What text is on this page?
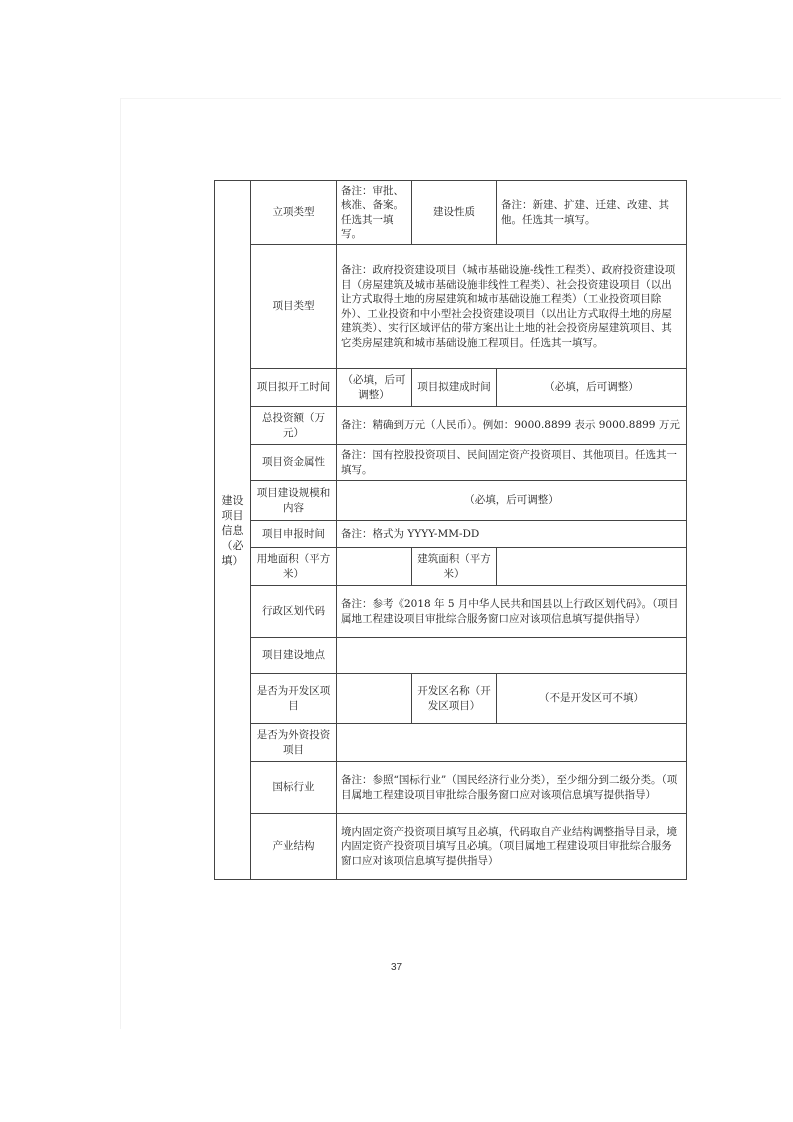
建设项目信息（必填）	立项类型	备注：审批、核准、备案。任选其一填写。	建设性质	备注：新建、扩建、迁建、改建、其他。任选其一填写。
	项目类型	备注：政府投资建设项目（城市基础设施-线性工程类）、政府投资建设项目（房屋建筑及城市基础设施非线性工程类）、社会投资建设项目（以出让方式取得土地的房屋建筑和城市基础设施工程类）（工业投资项目除外）、工业投资和中小型社会投资建设项目（以出让方式取得土地的房屋建筑类）、实行区域评估的带方案出让土地的社会投资房屋建筑项目、其它类房屋建筑和城市基础设施工程项目。任选其一填写。		
	项目拟开工时间	（必填，后可调整）	项目拟建成时间	（必填，后可调整）
	总投资额（万元）	备注：精确到万元（人民币）。例如：9000.8899 表示 9000.8899 万元		
	项目资金属性	备注：国有控股投资项目、民间固定资产投资项目、其他项目。任选其一填写。		
	项目建设规模和内容	（必填，后可调整）		
	项目申报时间	备注：格式为 YYYY-MM-DD		
	用地面积（平方米）		建筑面积（平方米）	
	行政区划代码	备注：参考《2018 年 5 月中华人民共和国县以上行政区划代码》。（项目属地工程建设项目审批综合服务窗口应对该项信息填写提供指导）		
	项目建设地点			
	是否为开发区项目		开发区名称（开发区项目）	（不是开发区可不填）
	是否为外资投资项目			
	国标行业	备注：参照“国标行业”（国民经济行业分类），至少细分到二级分类。（项目属地工程建设项目审批综合服务窗口应对该项信息填写提供指导）		
	产业结构	境内固定资产投资项目填写且必填，代码取自产业结构调整指导目录，境内固定资产投资项目填写且必填。（项目属地工程建设项目审批综合服务窗口应对该项信息填写提供指导）		
37
